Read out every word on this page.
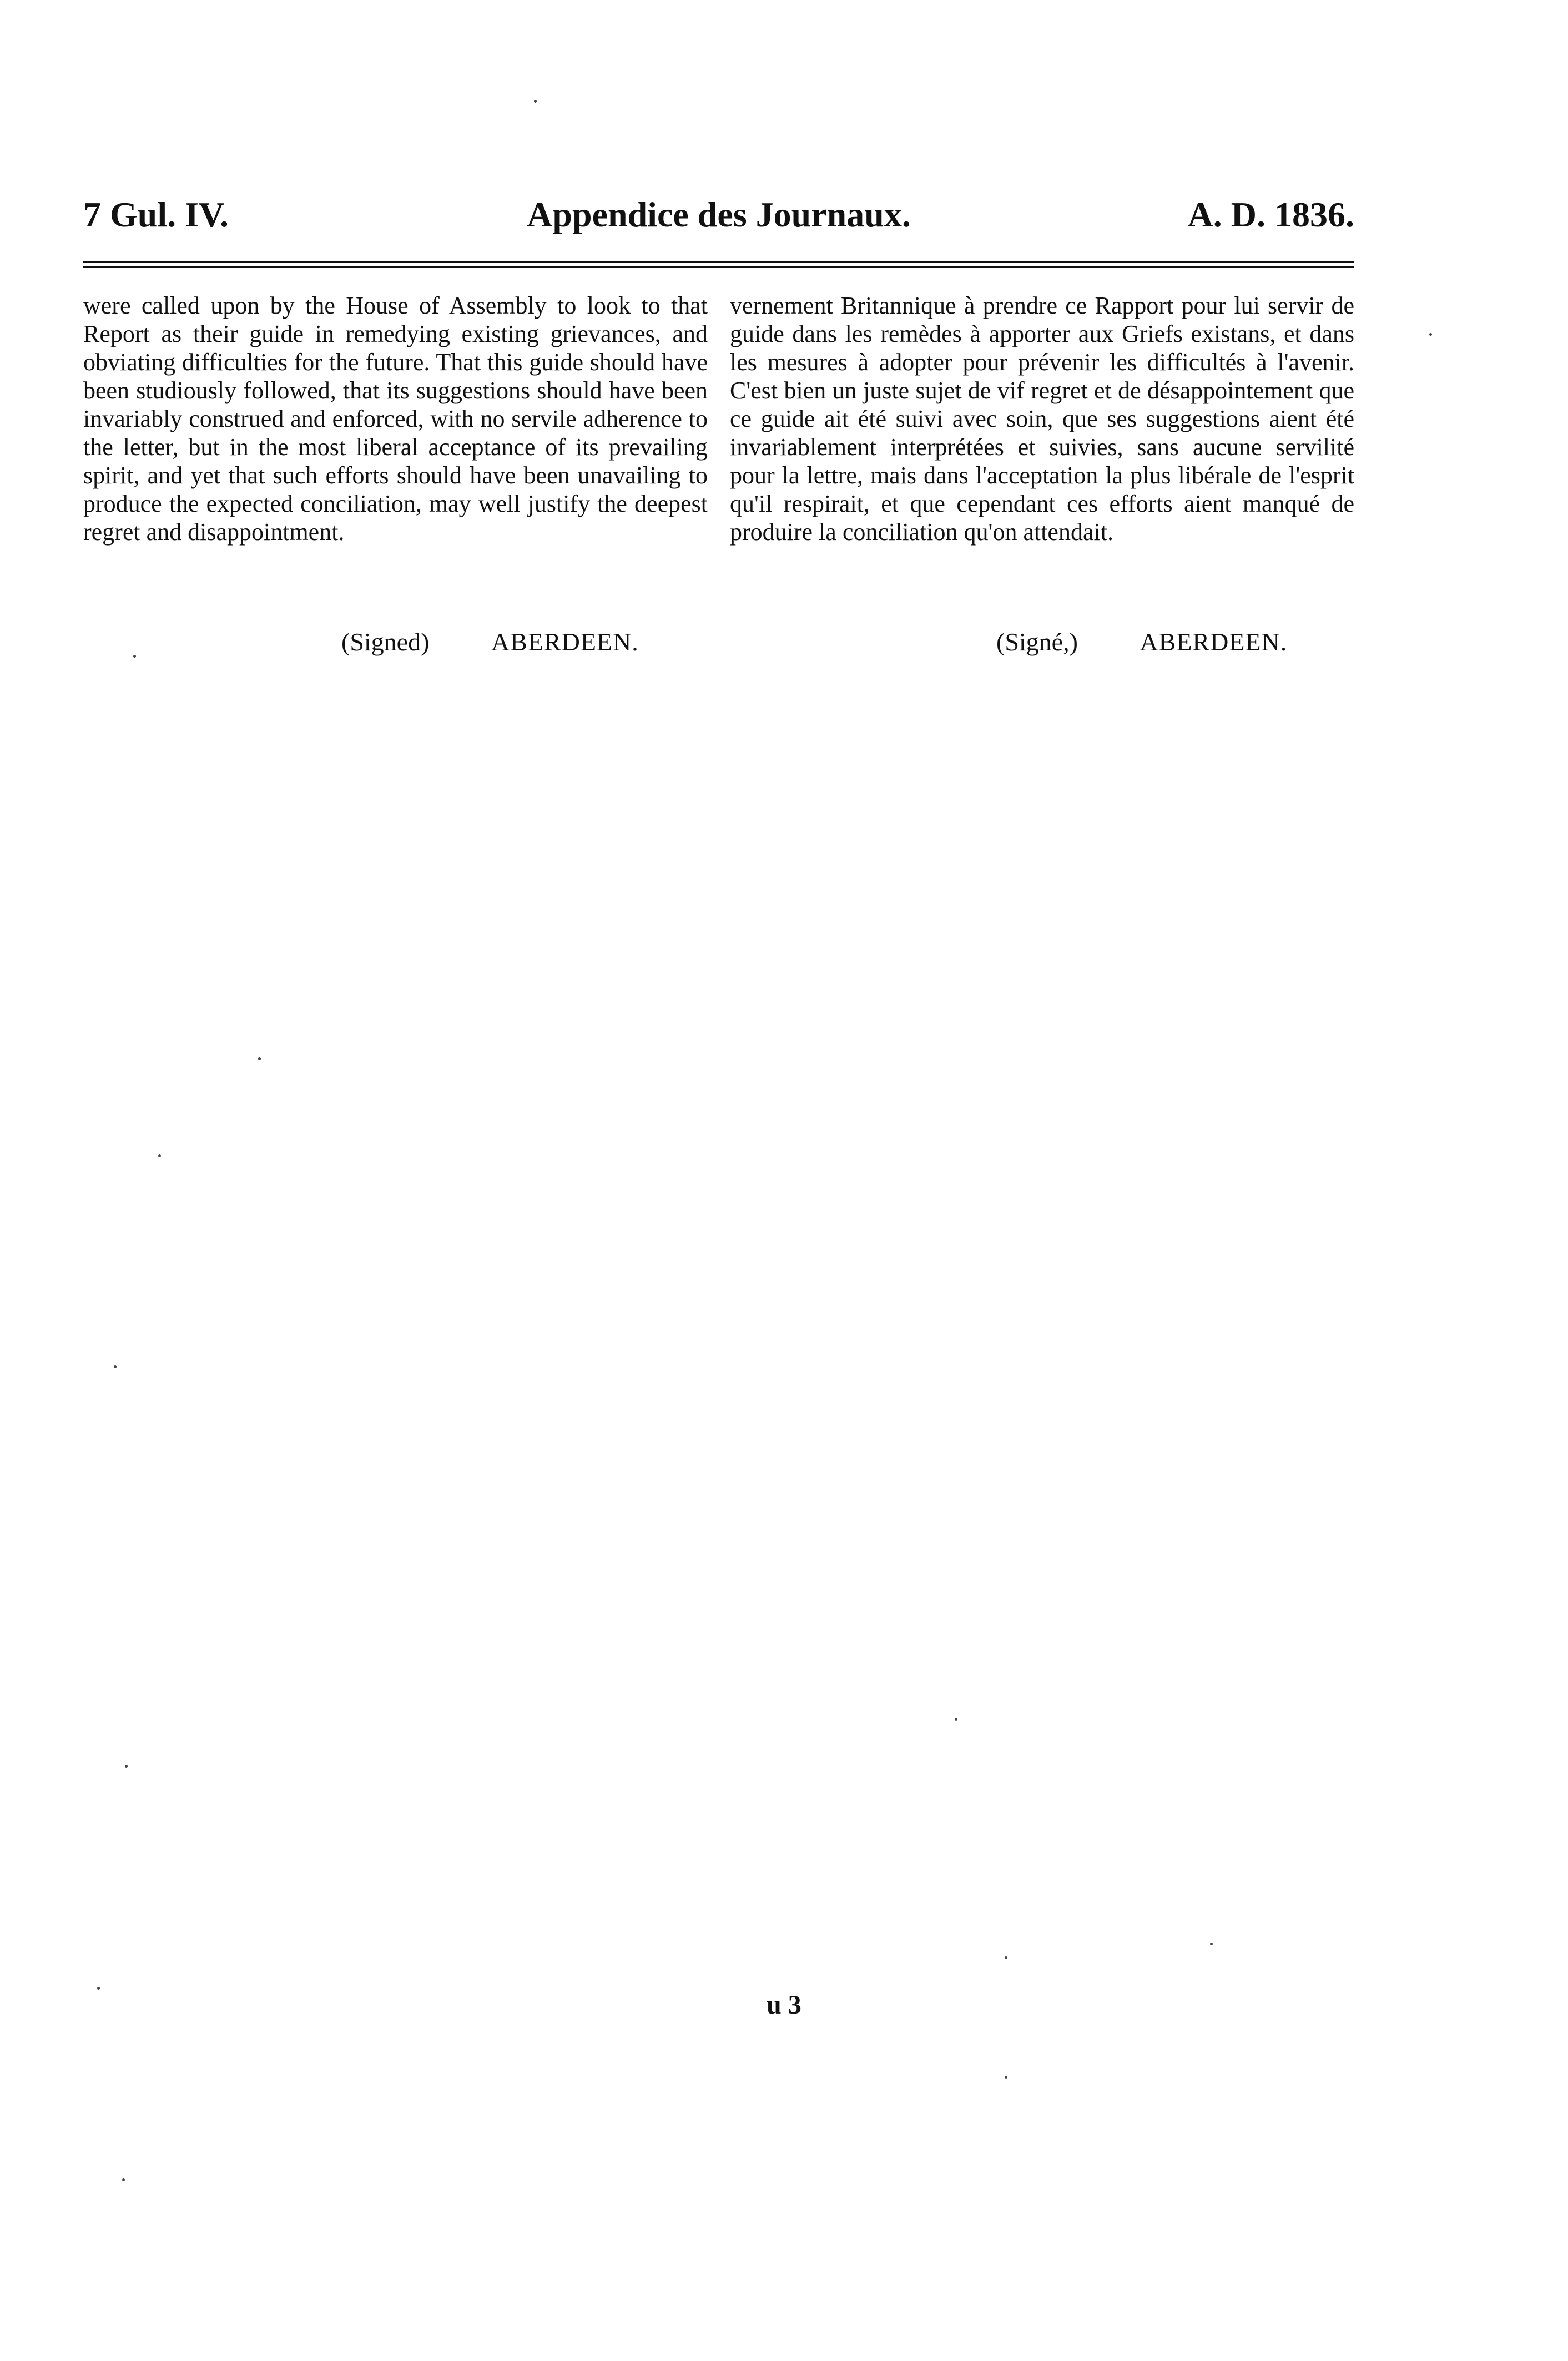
7 Gul. IV.	Appendice des Journaux.	A. D. 1836.
were called upon by the House of Assembly to look to that Report as their guide in remedying existing grievances, and obviating difficulties for the future. That this guide should have been studiously followed, that its suggestions should have been invariably construed and enforced, with no servile adherence to the letter, but in the most liberal acceptance of its prevailing spirit, and yet that such efforts should have been unavailing to produce the expected conciliation, may well justify the deepest regret and disappointment.
vernement Britannique à prendre ce Rapport pour lui servir de guide dans les remèdes à apporter aux Griefs existans, et dans les mesures à adopter pour prévenir les difficultés à l'avenir. C'est bien un juste sujet de vif regret et de désappointement que ce guide ait été suivi avec soin, que ses suggestions aient été invariablement interprétées et suivies, sans aucune servilité pour la lettre, mais dans l'acceptation la plus libérale de l'esprit qu'il respirait, et que cependant ces efforts aient manqué de produire la conciliation qu'on attendait.
(Signed) ABERDEEN.	(Signé,) ABERDEEN.
u 3
